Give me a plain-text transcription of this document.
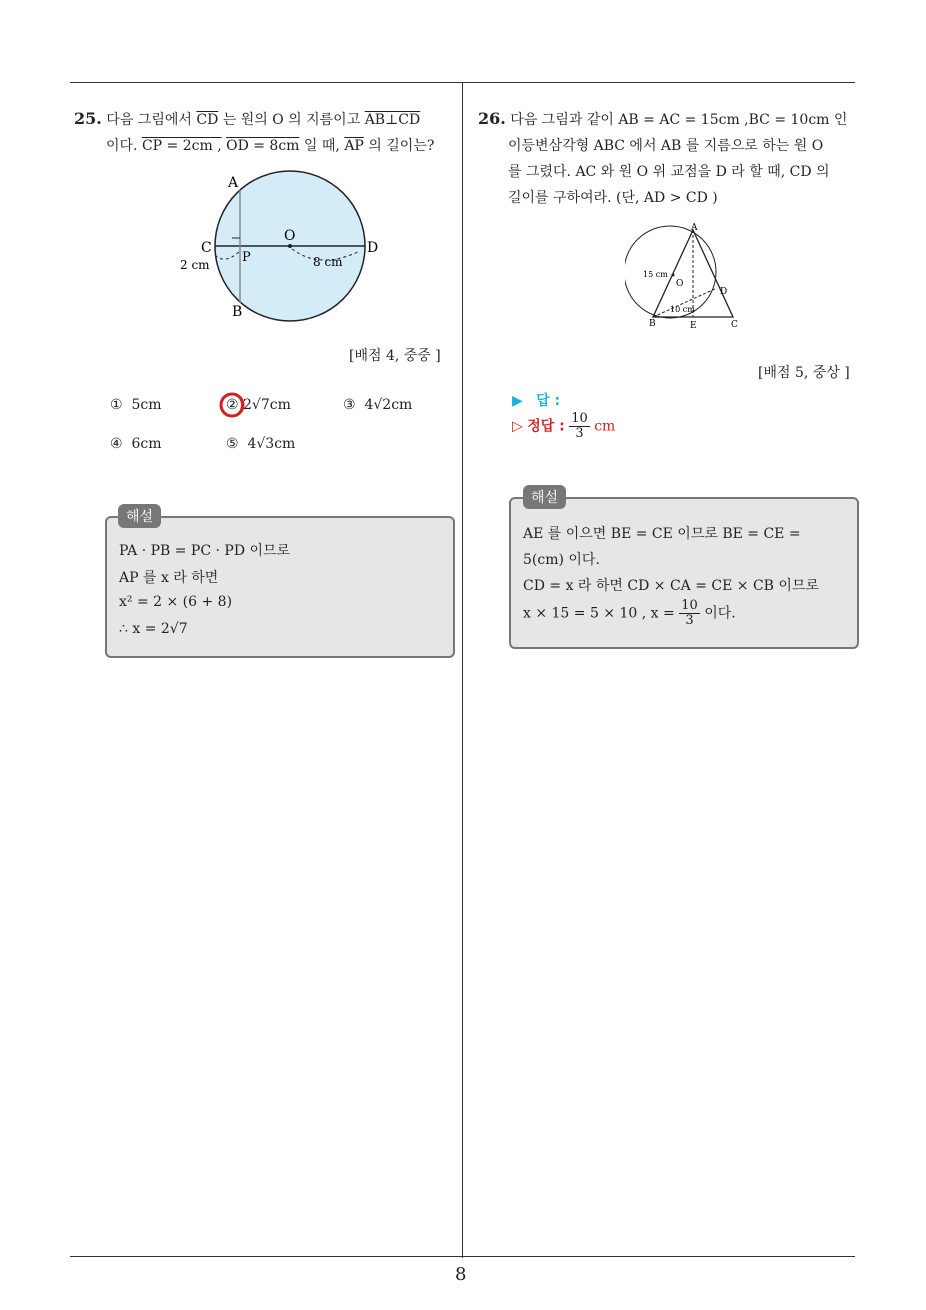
25. 다음 그림에서 $\overline{CD}$ 는 원의 O 의 지름이고 AB⊥CD
이다. CP = 2cm , OD = 8cm 일 때, $\overline{AP}$ 의 길이는?
A
B
C	D
O
P
2 cm	8 cm
[배점 4, 중중 ]
① 5cm	② 2√7cm	③ 4√2cm
④ 6cm	⑤ 4√3cm
PA · PB = PC · PD 이므로
AP 를 x 라 하면
x² = 2 × (6 + 8)
∴ x = 2√7
해설
26. 다음 그림과 같이 AB = AC = 15cm ,BC = 10cm 인
이등변삼각형 ABC 에서 AB 를 지름으로 하는 원 O
를 그렸다. AC 와 원 O 위 교점을 D 라 할 때, CD 의
길이를 구하여라. (단, AD > CD )
A
B	C
D
E
O
15 cm
10 cm
[배점 5, 중상 ]
▶ 답 :
▷ 정답 : $\frac{10}{3}$ cm
AE 를 이으면 BE = CE 이므로 BE = CE =
5(cm) 이다.
CD = x 라 하면 CD × CA = CE × CB 이므로
x × 15 = 5 × 10 , $x = \frac{10}{3}$ 이다.
해설
8
